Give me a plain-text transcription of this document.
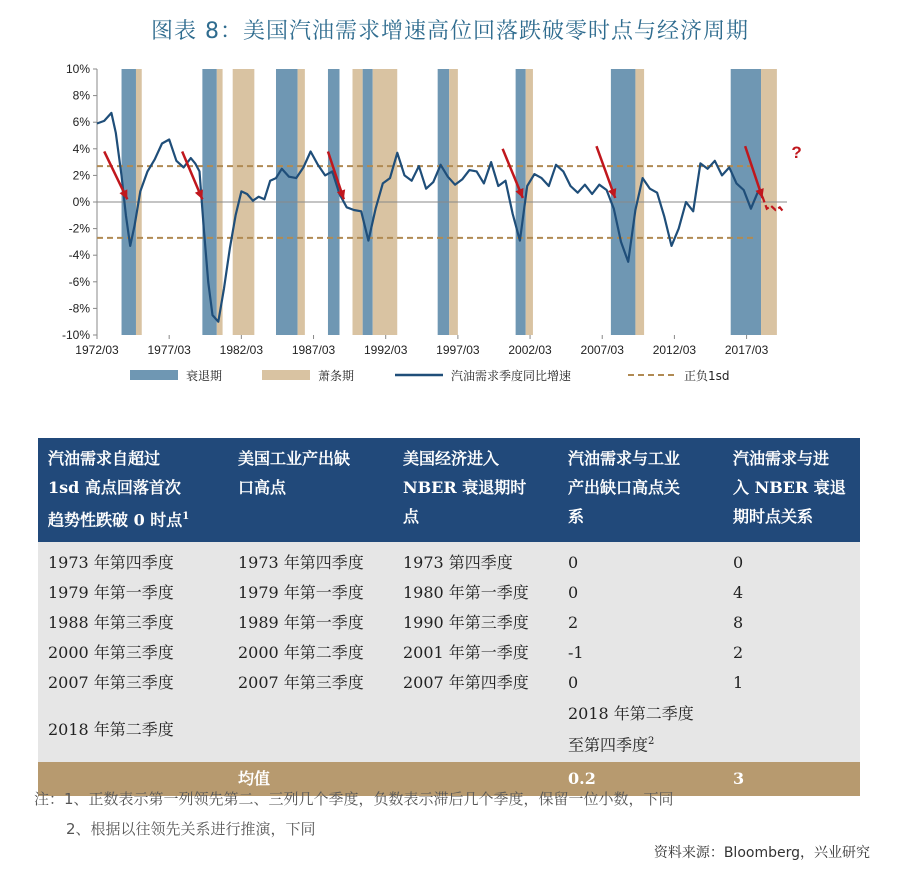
图表 8：美国汽油需求增速高位回落跌破零时点与经济周期
10%
8%
6%
4%
2%
0%
-2%
-4%
-6%
-8%
-10%
1972/03 1977/03 1982/03 1987/03 1992/03 1997/03 2002/03 2007/03 2012/03 2017/03
?
衰退期	萧条期	汽油需求季度同比增速	正负1sd
汽油需求自超过
1sd 高点回落首次
趋势性跌破 0 时点$^1$	美国工业产出缺
口高点	美国经济进入
NBER 衰退期时
点	汽油需求与工业
产出缺口高点关
系	汽油需求与进
入 NBER 衰退
期时点关系
1973 年第四季度	1973 年第四季度	1973 第四季度	0	0
1979 年第一季度	1979 年第一季度	1980 年第一季度	0	4
1988 年第三季度	1989 年第一季度	1990 年第三季度	2	8
2000 年第三季度	2000 年第二季度	2001 年第一季度	-1	2
2007 年第三季度	2007 年第三季度	2007 年第四季度	0	1
2018 年第二季度			2018 年第二季度
至第四季度$^2$	
	均值		0.2	3
注：1、正数表示第一列领先第二、三列几个季度，负数表示滞后几个季度，保留一位小数，下同
2、根据以往领先关系进行推演，下同
资料来源：Bloomberg，兴业研究
